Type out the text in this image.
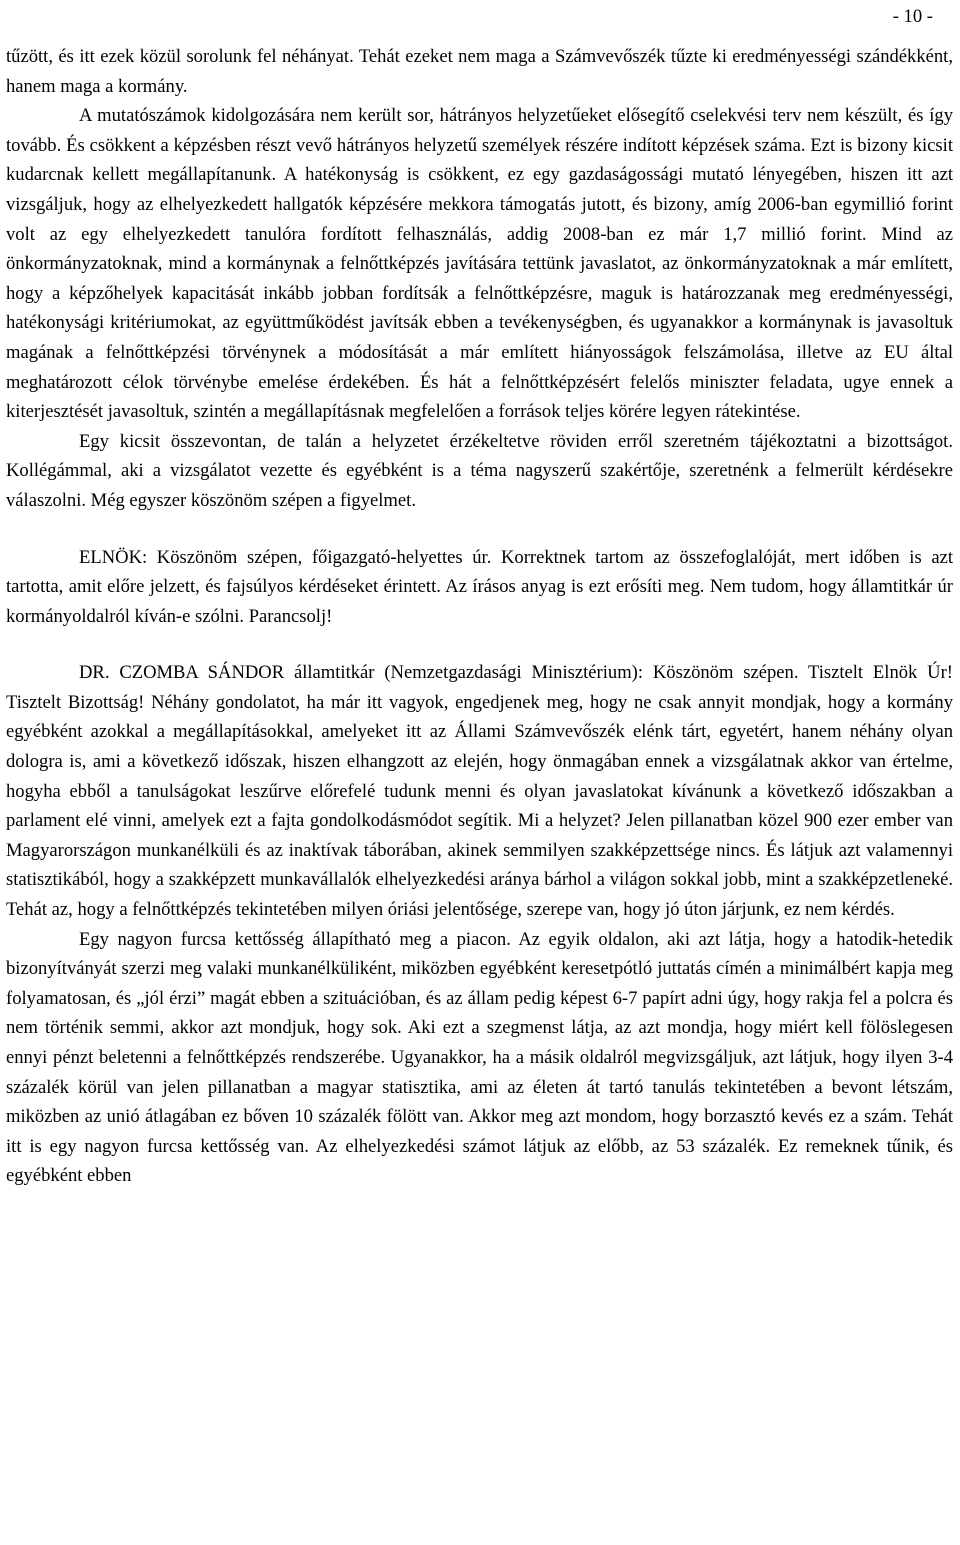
- 10 -

tűzött, és itt ezek közül sorolunk fel néhányat. Tehát ezeket nem maga a Számvevőszék tűzte ki eredményességi szándékként, hanem maga a kormány.

A mutatószámok kidolgozására nem került sor, hátrányos helyzetűeket elősegítő cselekvési terv nem készült, és így tovább. És csökkent a képzésben részt vevő hátrányos helyzetű személyek részére indított képzések száma. Ezt is bizony kicsit kudarcnak kellett megállapítanunk. A hatékonyság is csökkent, ez egy gazdaságossági mutató lényegében, hiszen itt azt vizsgáljuk, hogy az elhelyezkedett hallgatók képzésére mekkora támogatás jutott, és bizony, amíg 2006-ban egymillió forint volt az egy elhelyezkedett tanulóra fordított felhasználás, addig 2008-ban ez már 1,7 millió forint. Mind az önkormányzatoknak, mind a kormánynak a felnőttképzés javítására tettünk javaslatot, az önkormányzatoknak a már említett, hogy a képzőhelyek kapacitását inkább jobban fordítsák a felnőttképzésre, maguk is határozzanak meg eredményességi, hatékonysági kritériumokat, az együttműködést javítsák ebben a tevékenységben, és ugyanakkor a kormánynak is javasoltuk magának a felnőttképzési törvénynek a módosítását a már említett hiányosságok felszámolása, illetve az EU által meghatározott célok törvénybe emelése érdekében. És hát a felnőttképzésért felelős miniszter feladata, ugye ennek a kiterjesztését javasoltuk, szintén a megállapításnak megfelelően a források teljes körére legyen rátekintése.

Egy kicsit összevontan, de talán a helyzetet érzékeltetve röviden erről szeretném tájékoztatni a bizottságot. Kollégámmal, aki a vizsgálatot vezette és egyébként is a téma nagyszerű szakértője, szeretnénk a felmerült kérdésekre válaszolni. Még egyszer köszönöm szépen a figyelmet.

ELNÖK: Köszönöm szépen, főigazgató-helyettes úr. Korrektnek tartom az összefoglalóját, mert időben is azt tartotta, amit előre jelzett, és fajsúlyos kérdéseket érintett. Az írásos anyag is ezt erősíti meg. Nem tudom, hogy államtitkár úr kormányoldalról kíván-e szólni. Parancsolj!

DR. CZOMBA SÁNDOR államtitkár (Nemzetgazdasági Minisztérium): Köszönöm szépen. Tisztelt Elnök Úr! Tisztelt Bizottság! Néhány gondolatot, ha már itt vagyok, engedjenek meg, hogy ne csak annyit mondjak, hogy a kormány egyébként azokkal a megállapításokkal, amelyeket itt az Állami Számvevőszék elénk tárt, egyetért, hanem néhány olyan dologra is, ami a következő időszak, hiszen elhangzott az elején, hogy önmagában ennek a vizsgálatnak akkor van értelme, hogyha ebből a tanulságokat leszűrve előrefelé tudunk menni és olyan javaslatokat kívánunk a következő időszakban a parlament elé vinni, amelyek ezt a fajta gondolkodásmódot segítik. Mi a helyzet? Jelen pillanatban közel 900 ezer ember van Magyarországon munkanélküli és az inaktívak táborában, akinek semmilyen szakképzettsége nincs. És látjuk azt valamennyi statisztikából, hogy a szakképzett munkavállalók elhelyezkedési aránya bárhol a világon sokkal jobb, mint a szakképzetleneké. Tehát az, hogy a felnőttképzés tekintetében milyen óriási jelentősége, szerepe van, hogy jó úton járjunk, ez nem kérdés.

Egy nagyon furcsa kettősség állapítható meg a piacon. Az egyik oldalon, aki azt látja, hogy a hatodik-hetedik bizonyítványát szerzi meg valaki munkanélküliként, miközben egyébként keresetpótló juttatás címén a minimálbért kapja meg folyamatosan, és „jól érzi” magát ebben a szituációban, és az állam pedig képest 6-7 papírt adni úgy, hogy rakja fel a polcra és nem történik semmi, akkor azt mondjuk, hogy sok. Aki ezt a szegmenst látja, az azt mondja, hogy miért kell fölöslegesen ennyi pénzt beletenni a felnőttképzés rendszerébe. Ugyanakkor, ha a másik oldalról megvizsgáljuk, azt látjuk, hogy ilyen 3-4 százalék körül van jelen pillanatban a magyar statisztika, ami az életen át tartó tanulás tekintetében a bevont létszám, miközben az unió átlagában ez bőven 10 százalék fölött van. Akkor meg azt mondom, hogy borzasztó kevés ez a szám. Tehát itt is egy nagyon furcsa kettősség van. Az elhelyezkedési számot látjuk az előbb, az 53 százalék. Ez remeknek tűnik, és egyébként ebben
